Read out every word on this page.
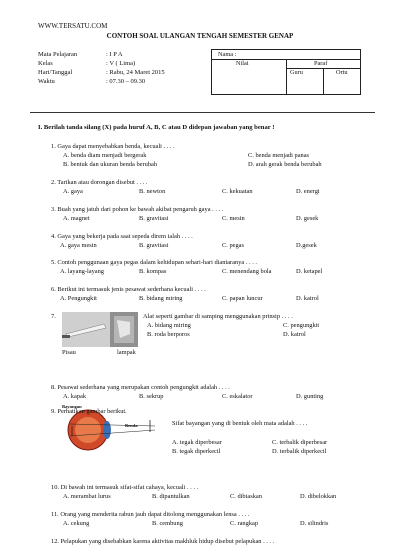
WWW.TERSATU.COM
CONTOH SOAL ULANGAN TENGAH SEMESTER GENAP
Mata Pelajaran	: I P A
Kelas	: V ( Lima)
Hari/Tanggal	: Rabu, 24 Maret 2015
Waktu	: 07.30 – 09.30
Nama :
Nilai	Paraf
Guru	Ortu
I. Berilah tanda silang (X) pada huruf A, B, C atau D didepan jawaban yang benar !
1. Gaya dapat menyebabkan benda, kecuali . . . .
A. benda diam menjadi bergerak	C. benda menjadi panas
B. bentuk dan ukuran benda berubah	D. arah gerak benda berubah
2. Tarikan atau dorongan disebut . . . .
A. gaya	B. newton	C. kekuatan	D. energi
3. Buah yang jatuh dari pohon ke bawah akibat pengaruh gaya . . . .
A. magnet	B. gravitasi	C. mesin	D. gesek
4. Gaya yang bekerja pada saat sepeda direm ialah . . . .
A. gaya mesin	B. gravitasi	C. pegas	D.gesek
5. Contoh penggunaan gaya pegas dalam kehidupan sehari-hari diantaranya . . . .
A. layang-layang	B. kompas	C. menendang bola	D. ketapel
6. Berikut ini termasuk jenis pesawat sederhana kecuali . . . .
A. Pengungkit	B. bidang miring	C. papan luncur	D. katrol
7.	Alat seperti gambar di samping menggunakan prinsip . . . .
A. bidang miring
B. roda berporos
C. pengungkit
D. katrol
Pisau	lampak
8. Pesawat sederhana yang merupakan contoh pengungkit adalah . . . .
A. kapak	B. sekrup	C. eskalator	D. gunting
9. Perhatikan gambar berikut.
Bayangan
Benda	Sifat bayangan yang di bentuk oleh mata adalah . . . .
A. tegak diperbesar
B. tegak diperkecil
C. terbalik diperbesar
D. terbalik diperkecil
10. Di bawah ini termasuk sifat-sifat cahaya, kecuali . . . .
A. merambat lurus	B. dipantulkan	C. dibiaskan	D. dibelokkan
11. Orang yang menderita rabun jauh dapat ditolong menggunakan lensa . . . .
A. cekung	B. cembung	C. rangkap	D. silindris
12. Pelapukan yang disebabkan karena aktivitas makhluk hidup disebut pelapukan . . . .
